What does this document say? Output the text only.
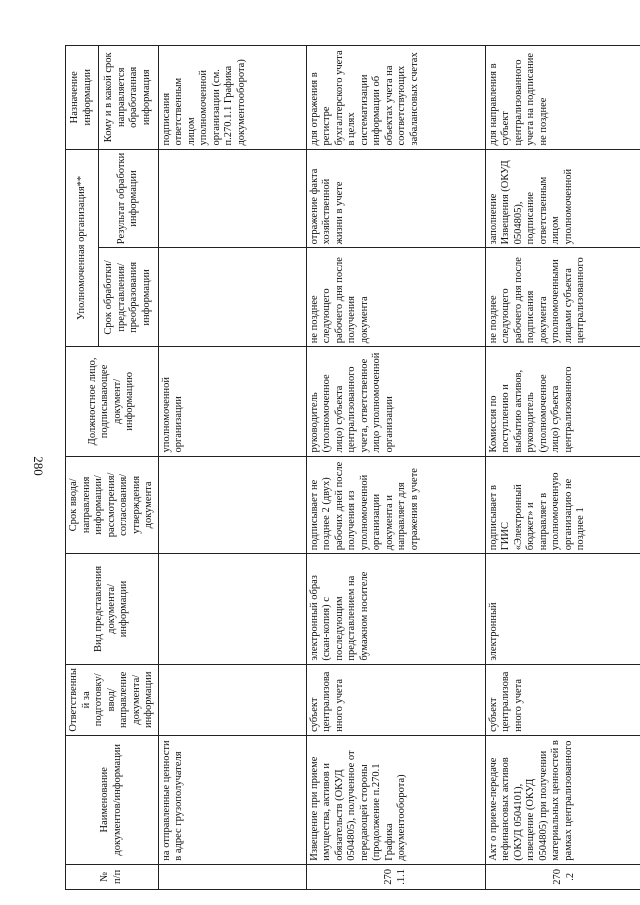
280
№ п/п	Наименование документов/информации	Ответственный за подготовку/ ввод/ направление документа/ информации	Вид представления документа/ информации	Срок ввода/ направления информации/ рассмотрения/ согласования/ утверждения документа	Должностное лицо, подписывающее документ/ информацию	Уполномоченная организация**		Назначение информации
						Срок обработки/ представления/ преобразования информации	Результат обработки информации	Кому и в какой срок направляется обработанная информация
	на отправленные ценности в адрес грузополучателя				уполномоченной организации			подписания ответственным лицом уполномоченной организации (см. п.270.1.1 Графика документооборота)
270.1.1	Извещение при приеме имущества, активов и обязательств (ОКУД 0504805), полученное от передающей стороны (продолжение п.270.1 Графика документооборота)	субъект централизованного учета	электронный образ (скан-копия) с последующим представлением на бумажном носителе	подписывает не позднее 2 (двух) рабочих дней после получения из уполномоченной организации документа и направляет для отражения в учете	руководитель (уполномоченное лицо) субъекта централизованного учета, ответственное лицо уполномоченной организации	не позднее следующего рабочего дня после получения документа	отражение факта хозяйственной жизни в учете	для отражения в регистре бухгалтерского учета в целях систематизации информации об объектах учета на соответствующих забалансовых счетах
270.2	Акт о приеме-передаче нефинансовых активов (ОКУД 0504101), извещение (ОКУД 0504805) при получении материальных ценностей в рамках централизованного	субъект централизованного учета	электронный	подписывает в ГИИС «Электронный бюджет» и направляет в уполномоченную организацию не позднее 1	Комиссия по поступлению и выбытию активов, руководитель (уполномоченное лицо) субъекта централизованного	не позднее следующего рабочего дня после подписания документа уполномоченными лицами субъекта централизованного	заполнение Извещения (ОКУД 0504805), подписание ответственным лицом уполномоченной	для направления в субъект централизованного учета на подписание не позднее
